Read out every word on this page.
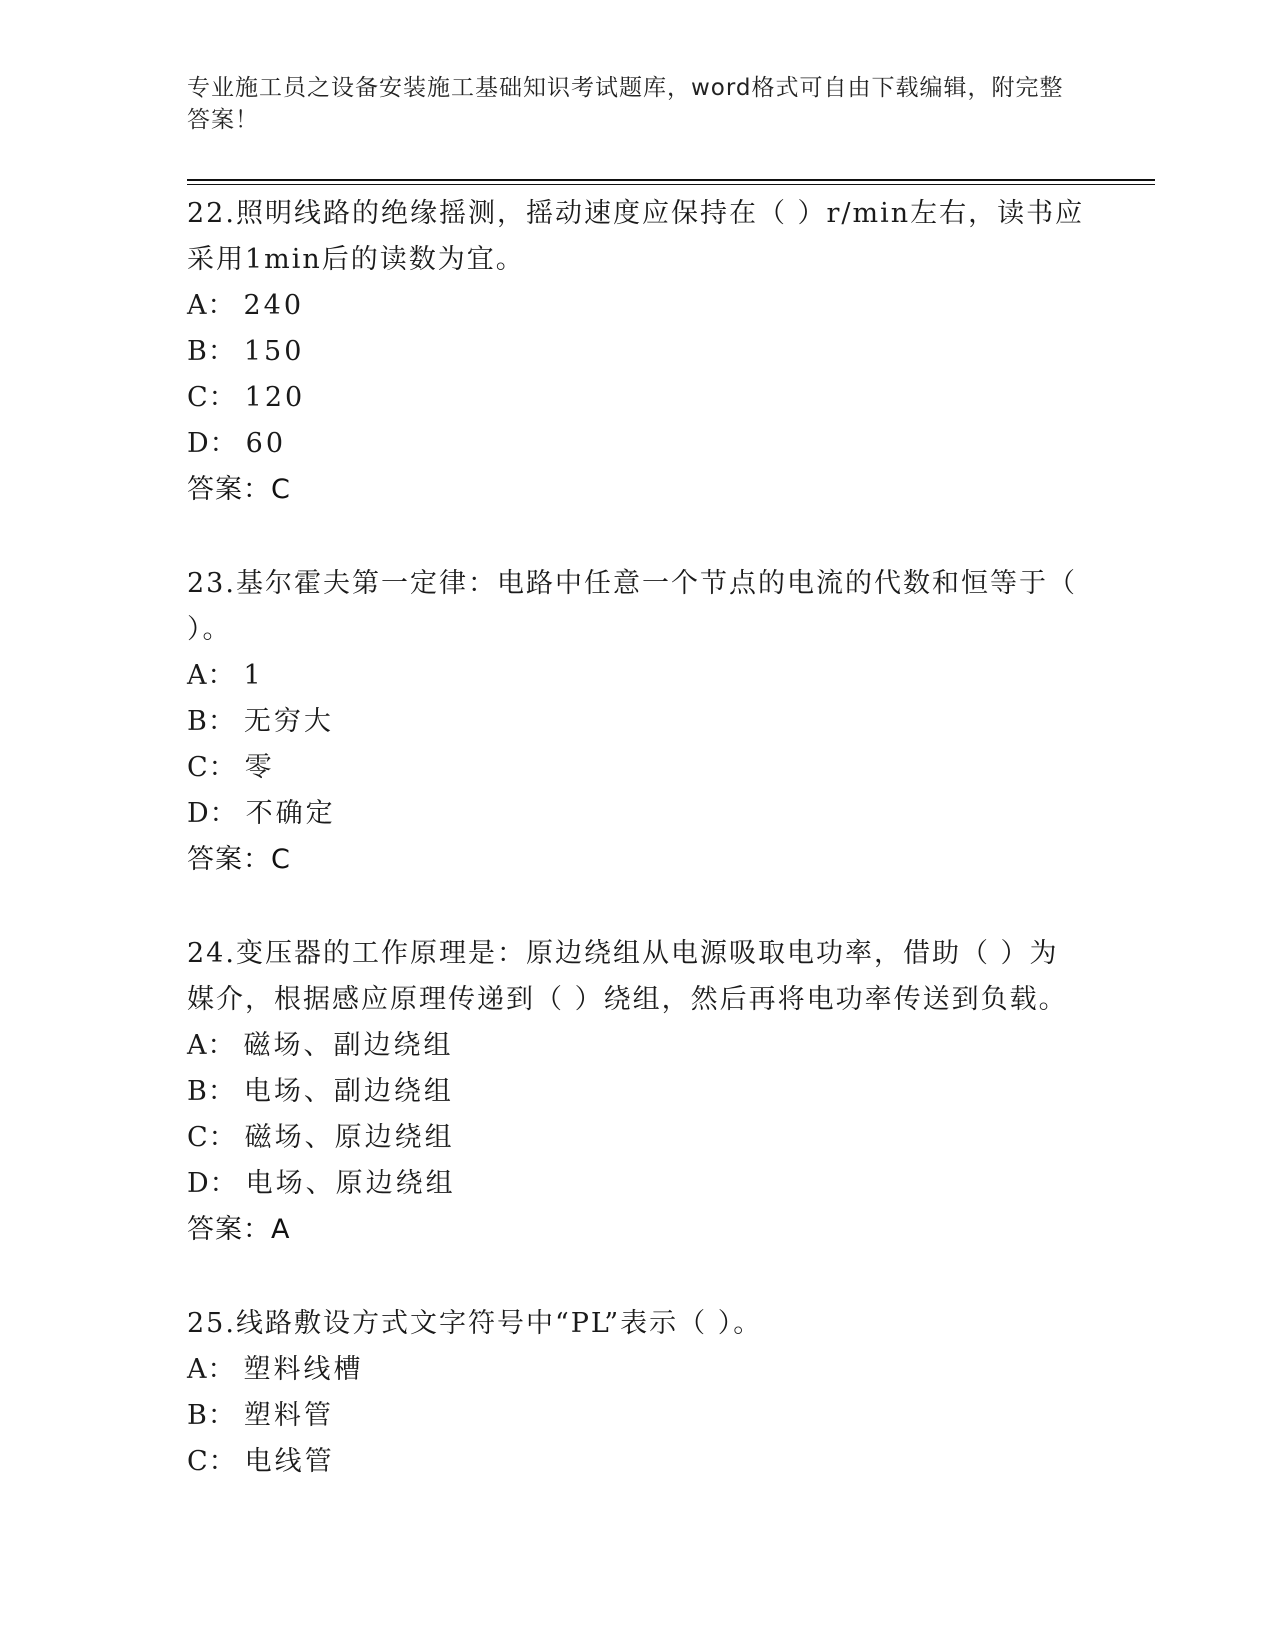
专业施工员之设备安装施工基础知识考试题库，word格式可自由下载编辑，附完整答案！

22.照明线路的绝缘摇测，摇动速度应保持在（ ）r/min左右，读书应采用1min后的读数为宜。

A： 240
B： 150
C： 120
D： 60
答案：C

23.基尔霍夫第一定律：电路中任意一个节点的电流的代数和恒等于（ ）。

A： 1
B： 无穷大
C： 零
D： 不确定
答案：C

24.变压器的工作原理是：原边绕组从电源吸取电功率，借助（ ）为媒介，根据感应原理传递到（ ）绕组，然后再将电功率传送到负载。

A： 磁场、副边绕组
B： 电场、副边绕组
C： 磁场、原边绕组
D： 电场、原边绕组
答案：A

25.线路敷设方式文字符号中“PL”表示（ ）。

A： 塑料线槽
B： 塑料管
C： 电线管
